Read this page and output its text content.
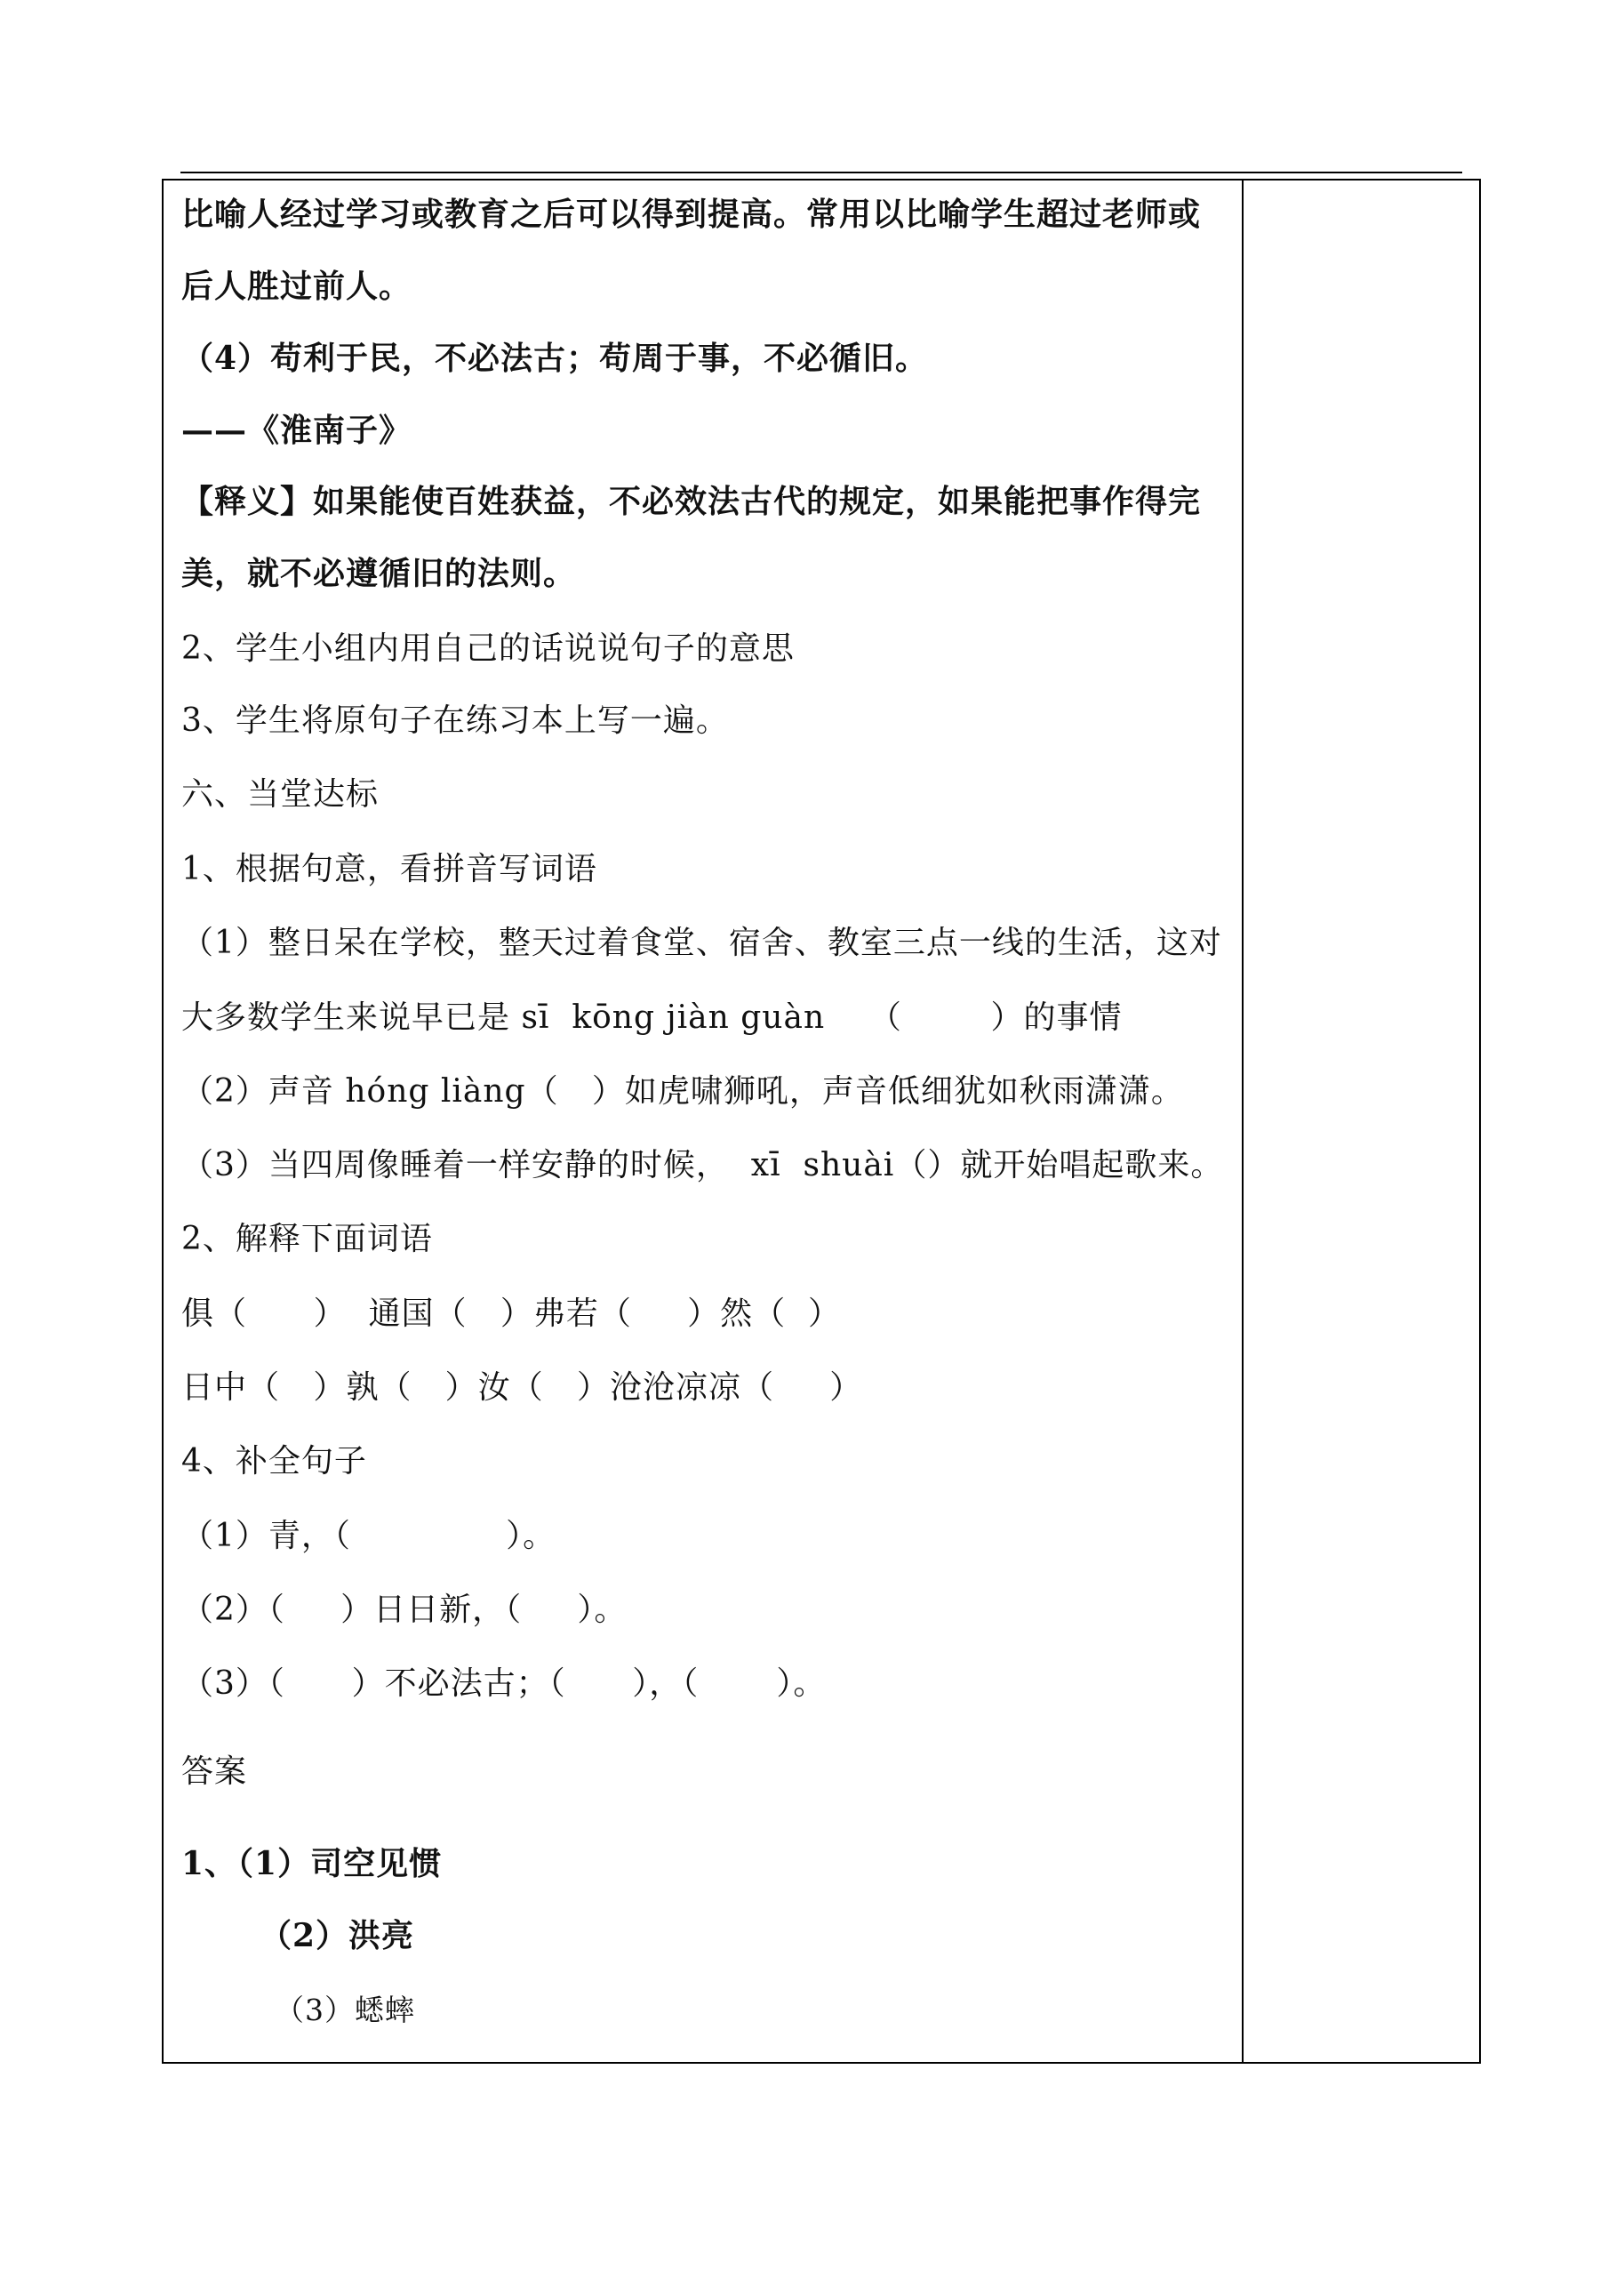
比喻人经过学习或教育之后可以得到提高。常用以比喻学生超过老师或
后人胜过前人。
（4）苟利于民，不必法古；苟周于事，不必循旧。
——《淮南子》
【释义】如果能使百姓获益，不必效法古代的规定，如果能把事作得完
美，就不必遵循旧的法则。
2、学生小组内用自己的话说说句子的意思
3、学生将原句子在练习本上写一遍。
六、当堂达标
1、根据句意，看拼音写词语
（1）整日呆在学校，整天过着食堂、宿舍、教室三点一线的生活，这对
大多数学生来说早已是 sī  kōng jiàn guàn    （        ）的事情
（2）声音 hóng liàng（   ）如虎啸狮吼，声音低细犹如秋雨潇潇。
（3）当四周像睡着一样安静的时候，  xī  shuài（）就开始唱起歌来。
2、解释下面词语
俱（      ）  通国（   ）弗若（     ）然（  ）
日中（   ）孰（   ）汝（   ）沧沧凉凉（     ）
4、补全句子
（1）青，（              ）。
（2）（     ）日日新，（     ）。
（3）（      ）不必法古；（      ），（       ）。
答案
1、（1）司空见惯
（2）洪亮
（3）蟋蟀
